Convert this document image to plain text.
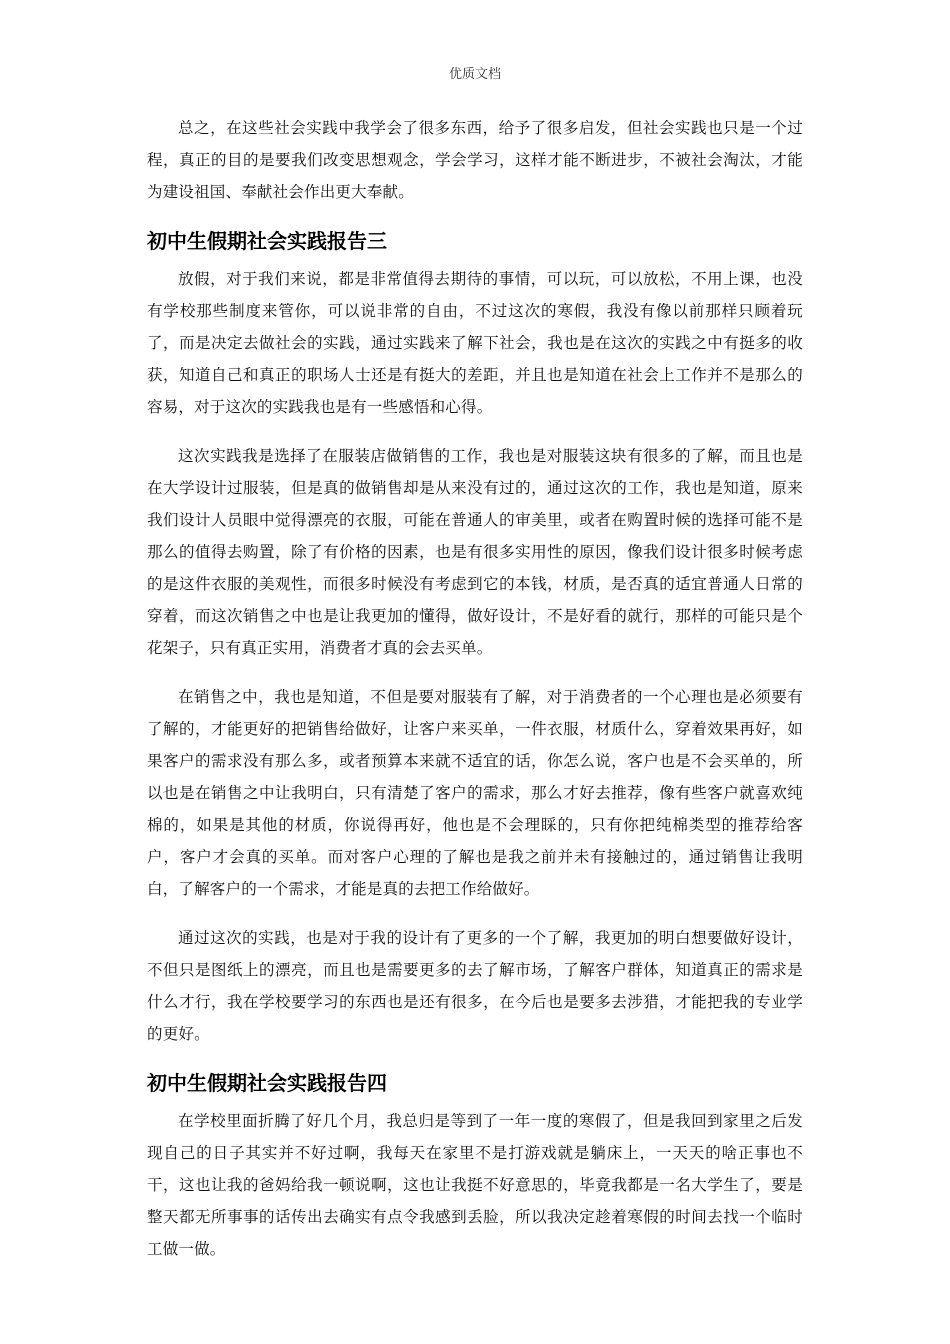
优质文档

总之，在这些社会实践中我学会了很多东西，给予了很多启发，但社会实践也只是一个过程，真正的目的是要我们改变思想观念，学会学习，这样才能不断进步，不被社会淘汰，才能为建设祖国、奉献社会作出更大奉献。

初中生假期社会实践报告三

放假，对于我们来说，都是非常值得去期待的事情，可以玩，可以放松，不用上课，也没有学校那些制度来管你，可以说非常的自由，不过这次的寒假，我没有像以前那样只顾着玩了，而是决定去做社会的实践，通过实践来了解下社会，我也是在这次的实践之中有挺多的收获，知道自己和真正的职场人士还是有挺大的差距，并且也是知道在社会上工作并不是那么的容易，对于这次的实践我也是有一些感悟和心得。

这次实践我是选择了在服装店做销售的工作，我也是对服装这块有很多的了解，而且也是在大学设计过服装，但是真的做销售却是从来没有过的，通过这次的工作，我也是知道，原来我们设计人员眼中觉得漂亮的衣服，可能在普通人的审美里，或者在购置时候的选择可能不是那么的值得去购置，除了有价格的因素，也是有很多实用性的原因，像我们设计很多时候考虑的是这件衣服的美观性，而很多时候没有考虑到它的本钱，材质，是否真的适宜普通人日常的穿着，而这次销售之中也是让我更加的懂得，做好设计，不是好看的就行，那样的可能只是个花架子，只有真正实用，消费者才真的会去买单。

在销售之中，我也是知道，不但是要对服装有了解，对于消费者的一个心理也是必须要有了解的，才能更好的把销售给做好，让客户来买单，一件衣服，材质什么，穿着效果再好，如果客户的需求没有那么多，或者预算本来就不适宜的话，你怎么说，客户也是不会买单的，所以也是在销售之中让我明白，只有清楚了客户的需求，那么才好去推荐，像有些客户就喜欢纯棉的，如果是其他的材质，你说得再好，他也是不会理睬的，只有你把纯棉类型的推荐给客户，客户才会真的买单。而对客户心理的了解也是我之前并未有接触过的，通过销售让我明白，了解客户的一个需求，才能是真的去把工作给做好。

通过这次的实践，也是对于我的设计有了更多的一个了解，我更加的明白想要做好设计，不但只是图纸上的漂亮，而且也是需要更多的去了解市场，了解客户群体，知道真正的需求是什么才行，我在学校要学习的东西也是还有很多，在今后也是要多去涉猎，才能把我的专业学的更好。

初中生假期社会实践报告四

在学校里面折腾了好几个月，我总归是等到了一年一度的寒假了，但是我回到家里之后发现自己的日子其实并不好过啊，我每天在家里不是打游戏就是躺床上，一天天的啥正事也不干，这也让我的爸妈给我一顿说啊，这也让我挺不好意思的，毕竟我都是一名大学生了，要是整天都无所事事的话传出去确实有点令我感到丢脸，所以我决定趁着寒假的时间去找一个临时工做一做。
